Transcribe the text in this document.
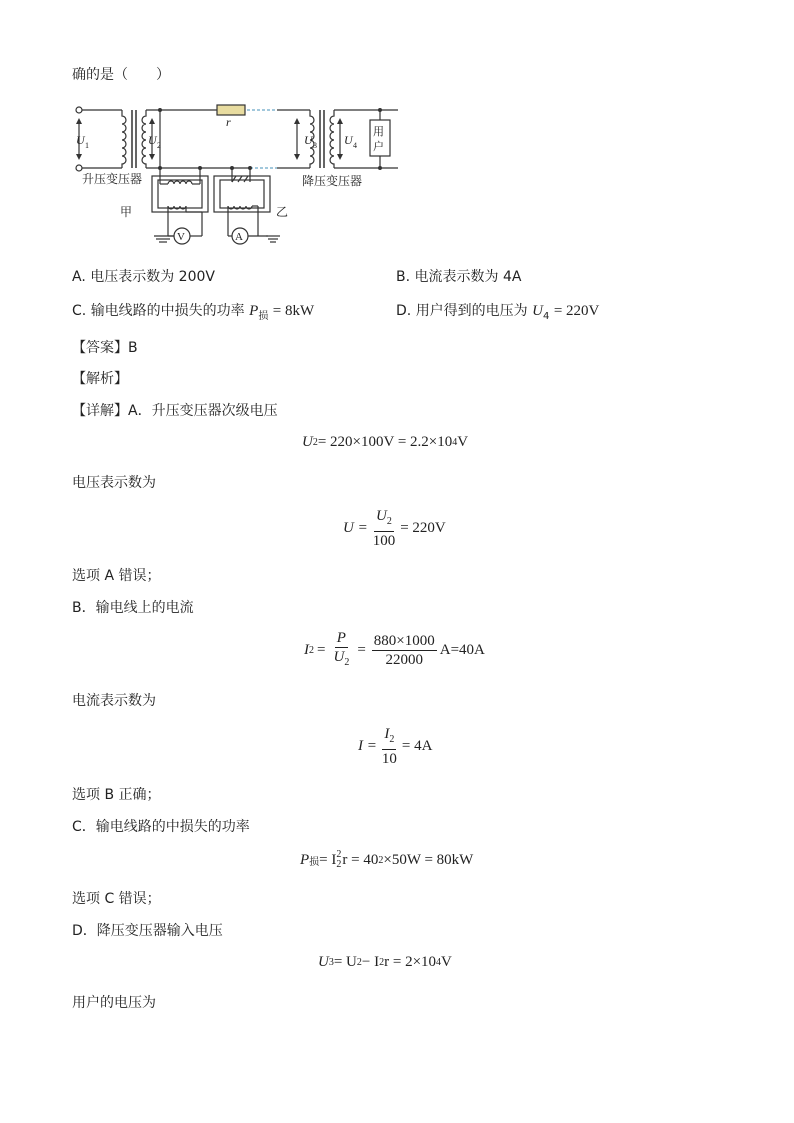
确的是（　　）
U 1	U 2
r
U 3 U 4
用
户
升压变压器	降压变压器
V
甲
A
乙
A. 电压表示数为 200V	B. 电流表示数为 4A
C. 输电线路的中损失的功率 $P_损 = 8kW$	D. 用户得到的电压为 $U_4 = 220V$
【答案】B
【解析】
【详解】A．升压变压器次级电压
U 2 = 220×100V = 2.2×10 4 V
电压表示数为
$U = \frac{U_2}{100} = 220V$
选项 A 错误；
B．输电线上的电流
I $2 = \frac{P}{U_2} = \frac{880\times 1000}{22000} A=40A$
电流表示数为
$I = \frac{I_2}{10} = 4A$
选项 B 正确；
C．输电线路的中损失的功率
P 损 = I 2
2 r = 40 2 ×50W = 80kW
选项 C 错误；
D．降压变压器输入电压
U 3 = U 2 − I 2 r = 2×10 4 V
用户的电压为
